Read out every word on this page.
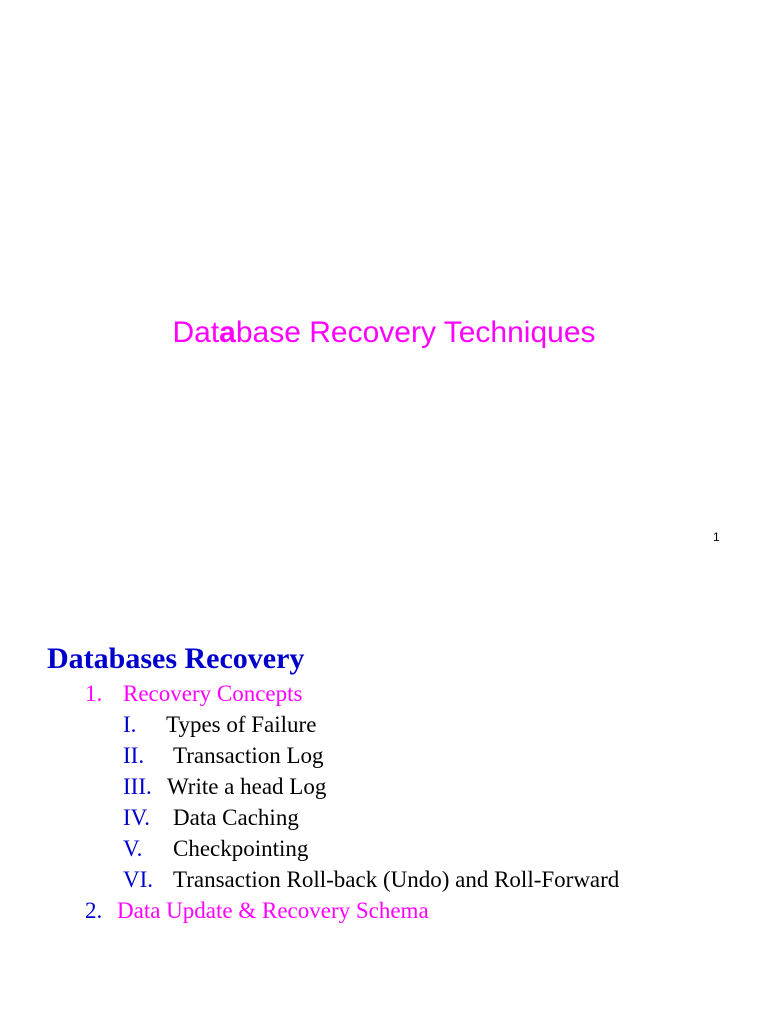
Database Recovery Techniques
1
Databases Recovery
1. Recovery Concepts
I. Types of Failure
II. Transaction Log
III. Write a head Log
IV. Data Caching
V. Checkpointing
VI. Transaction Roll-back (Undo) and Roll-Forward
2. Data Update & Recovery Schema
